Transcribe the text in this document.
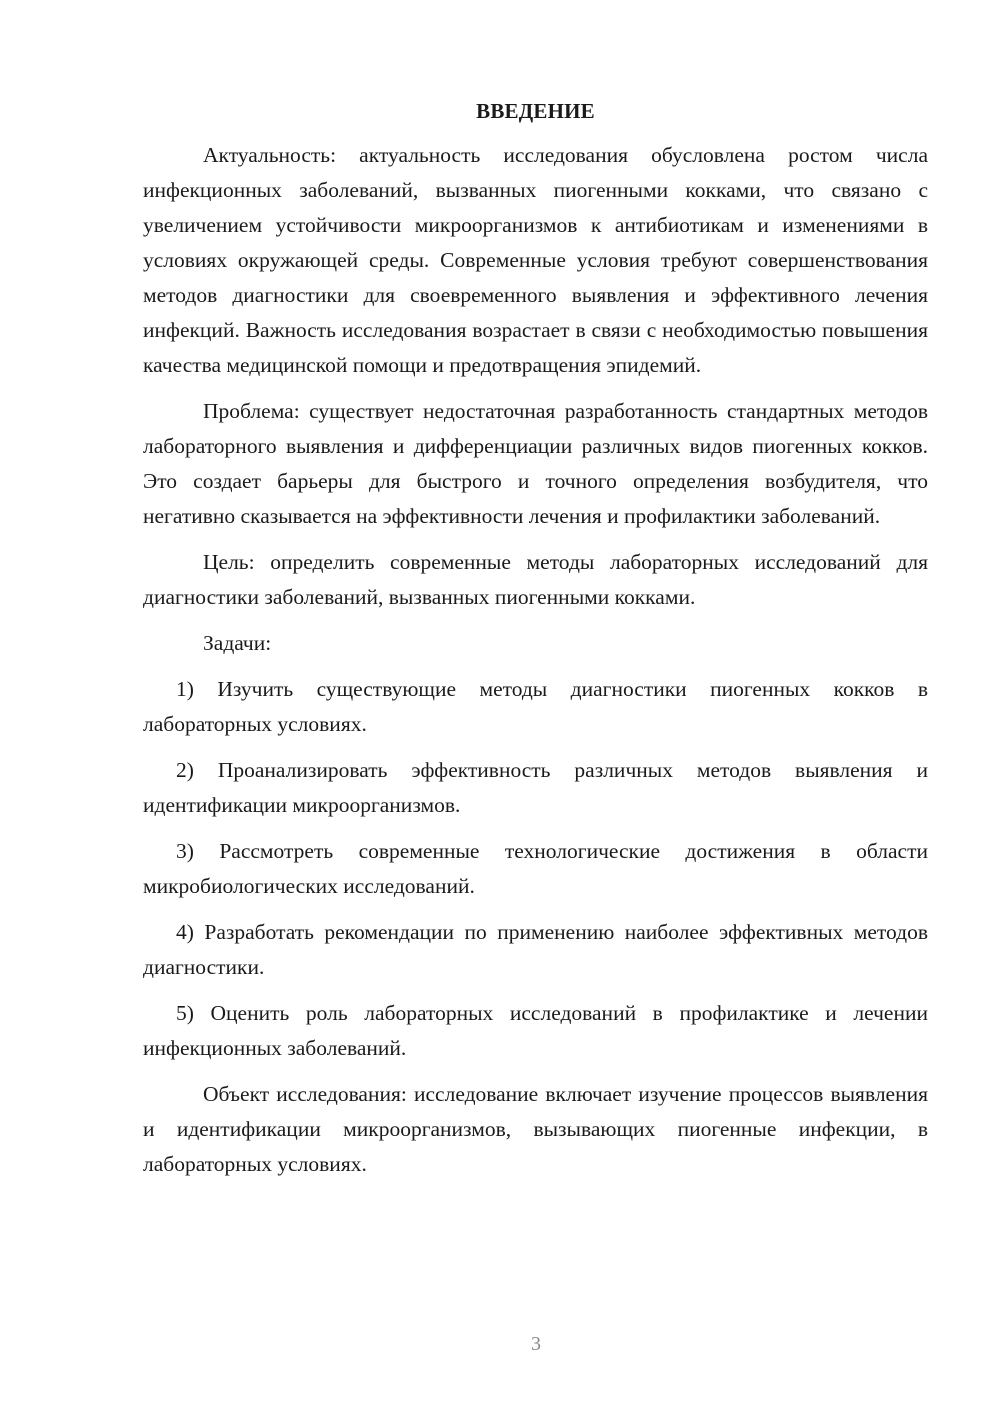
ВВЕДЕНИЕ

Актуальность: актуальность исследования обусловлена ростом числа инфекционных заболеваний, вызванных пиогенными кокками, что связано с увеличением устойчивости микроорганизмов к антибиотикам и изменениями в условиях окружающей среды. Современные условия требуют совершенствования методов диагностики для своевременного выявления и эффективного лечения инфекций. Важность исследования возрастает в связи с необходимостью повышения качества медицинской помощи и предотвращения эпидемий.

Проблема: существует недостаточная разработанность стандартных методов лабораторного выявления и дифференциации различных видов пиогенных кокков. Это создает барьеры для быстрого и точного определения возбудителя, что негативно сказывается на эффективности лечения и профилактики заболеваний.

Цель: определить современные методы лабораторных исследований для диагностики заболеваний, вызванных пиогенными кокками.

Задачи:

1) Изучить существующие методы диагностики пиогенных кокков в лабораторных условиях.

2) Проанализировать эффективность различных методов выявления и идентификации микроорганизмов.

3) Рассмотреть современные технологические достижения в области микробиологических исследований.

4) Разработать рекомендации по применению наиболее эффективных методов диагностики.

5) Оценить роль лабораторных исследований в профилактике и лечении инфекционных заболеваний.

Объект исследования: исследование включает изучение процессов выявления и идентификации микроорганизмов, вызывающих пиогенные инфекции, в лабораторных условиях.

3
